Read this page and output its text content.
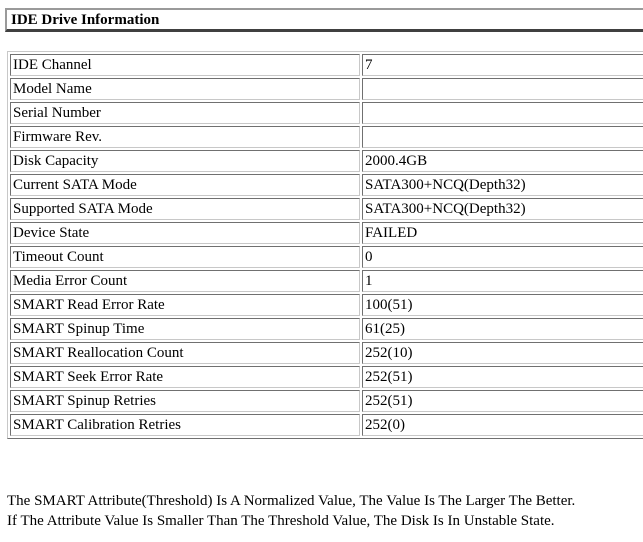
IDE Drive Information
IDE Channel	7
Model Name	
Serial Number	
Firmware Rev.	
Disk Capacity	2000.4GB
Current SATA Mode	SATA300+NCQ(Depth32)
Supported SATA Mode	SATA300+NCQ(Depth32)
Device State	FAILED
Timeout Count	0
Media Error Count	1
SMART Read Error Rate	100(51)
SMART Spinup Time	61(25)
SMART Reallocation Count	252(10)
SMART Seek Error Rate	252(51)
SMART Spinup Retries	252(51)
SMART Calibration Retries	252(0)
The SMART Attribute(Threshold) Is A Normalized Value, The Value Is The Larger The Better.
If The Attribute Value Is Smaller Than The Threshold Value, The Disk Is In Unstable State.
